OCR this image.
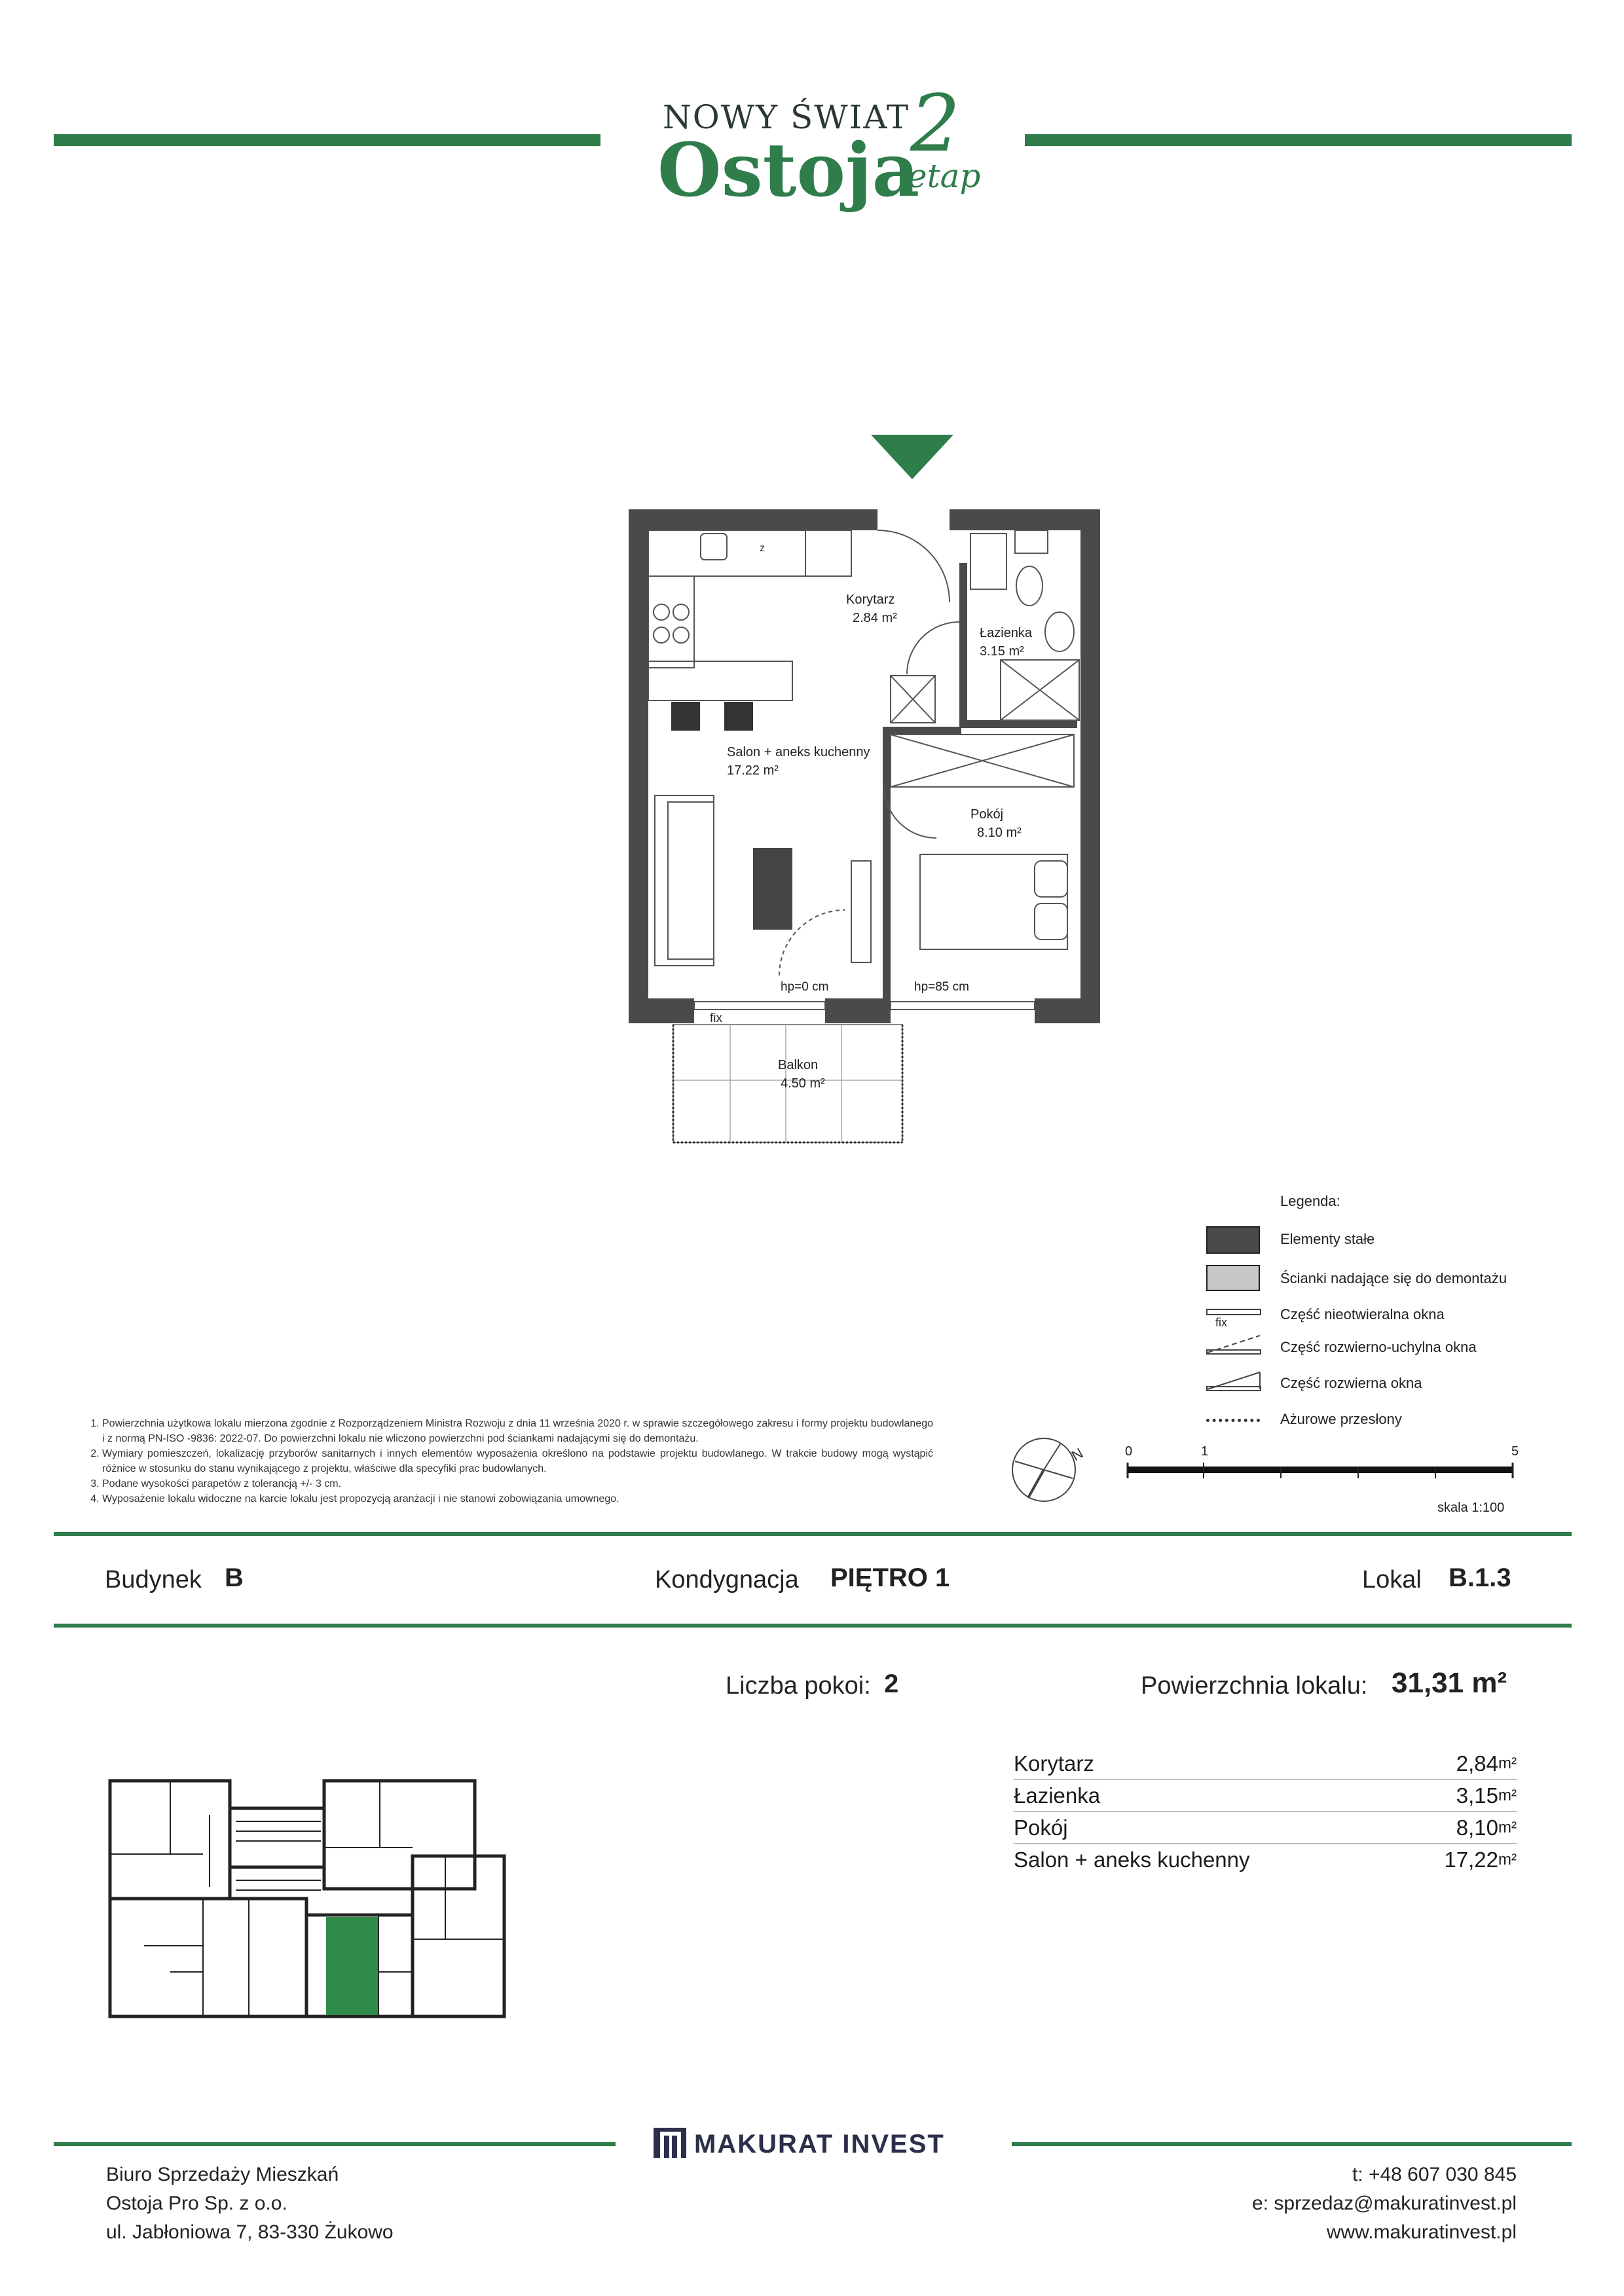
NOWY ŚWIAT
Ostoja
2
etap
z
Korytarz
2.84 m²
Łazienka
3.15 m²
Salon + aneks kuchenny
17.22 m²
Pokój
8.10 m²
Balkon
4.50 m²
hp=0 cm	hp=85 cm
fix
Legenda:
Elementy stałe
Ścianki nadające się do demontażu
fix	Część nieotwieralna okna
Część rozwierno-uchylna okna
Część rozwierna okna
Ażurowe przesłony
N	0	1	5
skala 1:100
1. Powierzchnia użytkowa lokalu mierzona zgodnie z Rozporządzeniem Ministra Rozwoju z dnia 11 września 2020 r. w sprawie szczegółowego zakresu i formy projektu budowlanego i z normą PN-ISO -9836: 2022-07. Do powierzchni lokalu nie wliczono powierzchni pod ściankami nadającymi się do demontażu.
2. Wymiary pomieszczeń, lokalizację przyborów sanitarnych i innych elementów wyposażenia określono na podstawie projektu budowlanego. W trakcie budowy mogą wystąpić różnice w stosunku do stanu wynikającego z projektu, właściwe dla specyfiki prac budowlanych.
3. Podane wysokości parapetów z tolerancją +/- 3 cm.
4. Wyposażenie lokalu widoczne na karcie lokalu jest propozycją aranżacji i nie stanowi zobowiązania umownego.
Budynek B	Kondygnacja PIĘTRO 1	Lokal B.1.3
Liczba pokoi: 2	Powierzchnia lokalu: 31,31 m²
Korytarz	$2,84^{m^2}$
Łazienka	$3,15^{m^2}$
Pokój	$8,10^{m^2}$
Salon + aneks kuchenny	$17,22^{m^2}$
MAKURAT INVEST
Biuro Sprzedaży Mieszkań
Ostoja Pro Sp. z o.o.
ul. Jabłoniowa 7, 83-330 Żukowo
t: +48 607 030 845
e: sprzedaz@makuratinvest.pl
www.makuratinvest.pl
